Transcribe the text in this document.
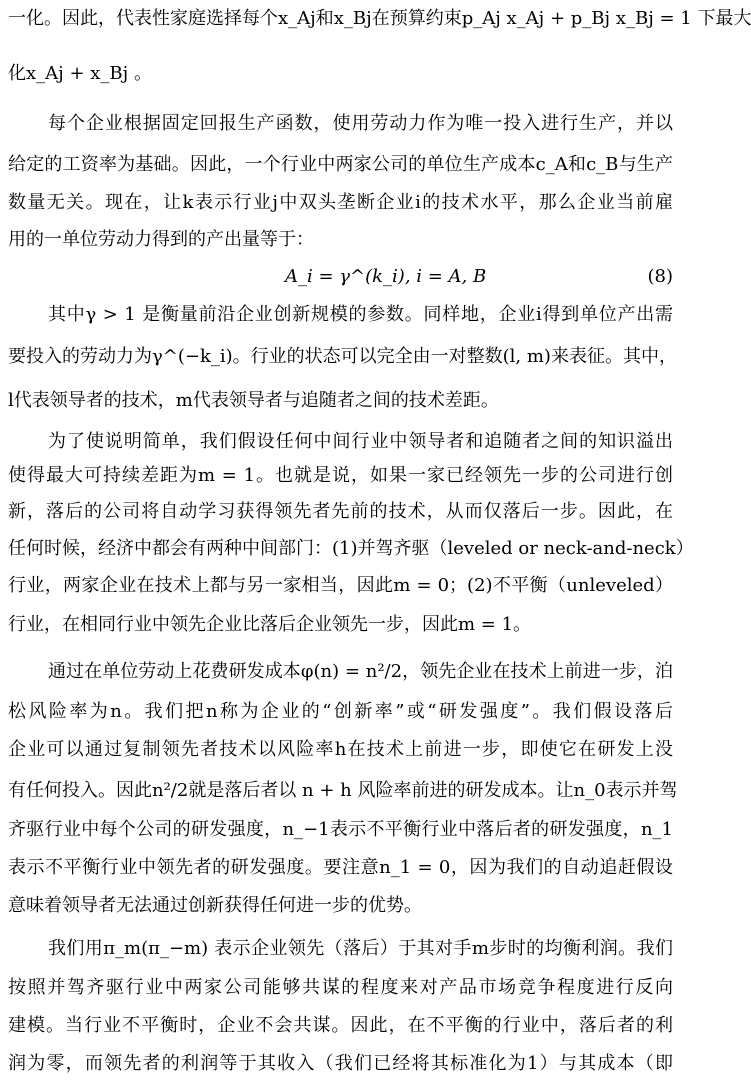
一化。因此，代表性家庭选择每个x_Aj和x_Bj在预算约束p_Aj x_Aj + p_Bj x_Bj = 1 下最大
化x_Aj + x_Bj 。
每个企业根据固定回报生产函数，使用劳动力作为唯一投入进行生产，并以
给定的工资率为基础。因此，一个行业中两家公司的单位生产成本c_A和c_B与生产
数量无关。现在，让k表示行业j中双头垄断企业i的技术水平，那么企业当前雇
用的一单位劳动力得到的产出量等于：
A_i = γ^(k_i), i = A, B	(8)
其中γ > 1 是衡量前沿企业创新规模的参数。同样地，企业i得到单位产出需
要投入的劳动力为γ^(−k_i)。行业的状态可以完全由一对整数(l, m)来表征。其中，
l代表领导者的技术，m代表领导者与追随者之间的技术差距。
为了使说明简单，我们假设任何中间行业中领导者和追随者之间的知识溢出
使得最大可持续差距为m = 1。也就是说，如果一家已经领先一步的公司进行创
新，落后的公司将自动学习获得领先者先前的技术，从而仅落后一步。因此，在
任何时候，经济中都会有两种中间部门：(1)并驾齐驱（leveled or neck-and-neck）
行业，两家企业在技术上都与另一家相当，因此m = 0；(2)不平衡（unleveled）
行业，在相同行业中领先企业比落后企业领先一步，因此m = 1。
通过在单位劳动上花费研发成本φ(n) = n²/2，领先企业在技术上前进一步，泊
松风险率为n。我们把n称为企业的“创新率”或“研发强度”。我们假设落后
企业可以通过复制领先者技术以风险率h在技术上前进一步，即使它在研发上没
有任何投入。因此n²/2就是落后者以 n + h 风险率前进的研发成本。让n_0表示并驾
齐驱行业中每个公司的研发强度，n_−1表示不平衡行业中落后者的研发强度，n_1
表示不平衡行业中领先者的研发强度。要注意n_1 = 0，因为我们的自动追赶假设
意味着领导者无法通过创新获得任何进一步的优势。
我们用π_m(π_−m) 表示企业领先（落后）于其对手m步时的均衡利润。我们
按照并驾齐驱行业中两家公司能够共谋的程度来对产品市场竞争程度进行反向
建模。当行业不平衡时，企业不会共谋。因此，在不平衡的行业中，落后者的利
润为零，而领先者的利润等于其收入（我们已经将其标准化为1）与其成本（即
